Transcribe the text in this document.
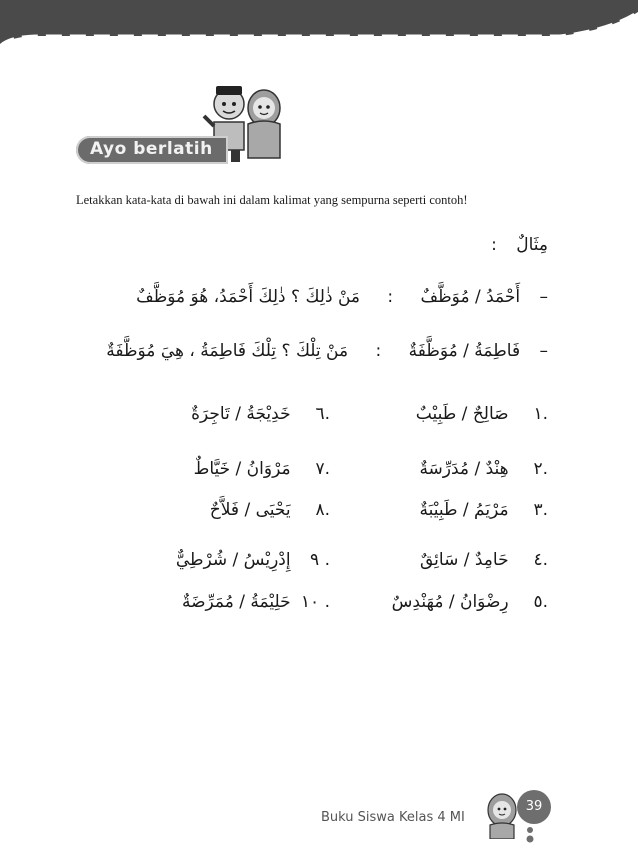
Ayo berlatih
Letakkan kata-kata di bawah ini dalam kalimat yang sempurna seperti contoh!
مِثَالٌ :
– أَحْمَدُ / مُوَظَّفٌ : مَنْ ذٰلِكَ ؟ ذٰلِكَ أَحْمَدُ، هُوَ مُوَظَّفٌ
– فَاطِمَةُ / مُوَظَّفَةٌ : مَنْ تِلْكَ ؟ تِلْكَ فَاطِمَةُ ، هِيَ مُوَظَّفَةٌ
.١ صَالِحٌ / طَبِيْبٌ
.٢ هِنْدٌ / مُدَرِّسَةٌ
.٣ مَرْيَمُ / طَبِيْبَةٌ
.٤ حَامِدٌ / سَائِقٌ
.٥ رِضْوَانُ / مُهَنْدِسٌ
.٦ خَدِيْجَةُ / تَاجِرَةٌ
.٧ مَرْوَانُ / خَيَّاطٌ
.٨ يَحْيَى / فَلاَّحٌ
. ٩ إِدْرِيْسُ / شُرْطِيٌّ
. ١٠ حَلِيْمَةُ / مُمَرِّضَةٌ
Buku Siswa Kelas 4 MI
39
